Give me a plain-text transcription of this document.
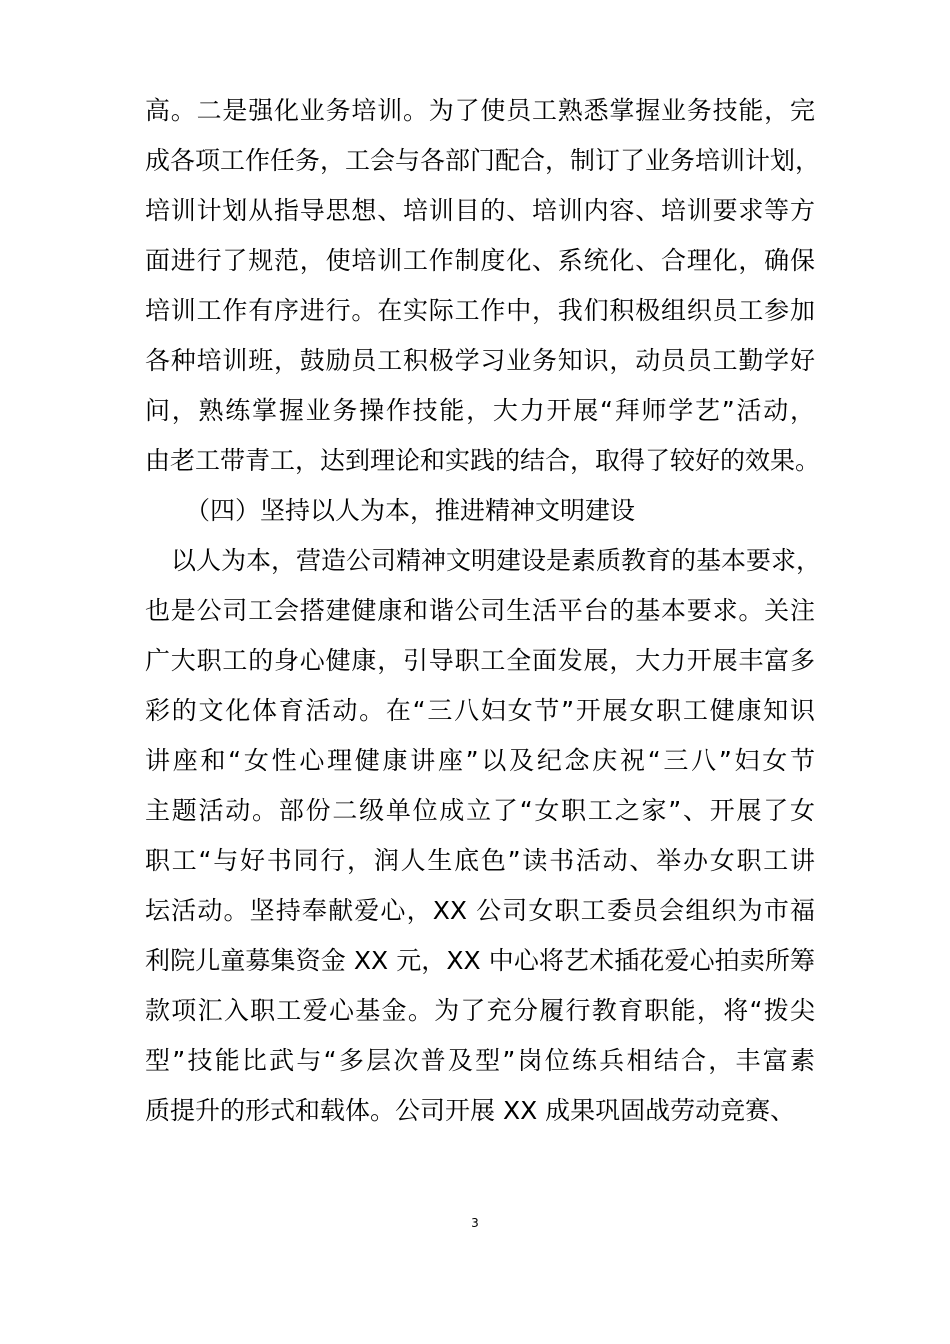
高。二是强化业务培训。为了使员工熟悉掌握业务技能，完
成各项工作任务，工会与各部门配合，制订了业务培训计划，
培训计划从指导思想、培训目的、培训内容、培训要求等方
面进行了规范，使培训工作制度化、系统化、合理化，确保
培训工作有序进行。在实际工作中，我们积极组织员工参加
各种培训班，鼓励员工积极学习业务知识，动员员工勤学好
问，熟练掌握业务操作技能，大力开展“拜师学艺”活动，
由老工带青工，达到理论和实践的结合，取得了较好的效果。
（四）坚持以人为本，推进精神文明建设
以人为本，营造公司精神文明建设是素质教育的基本要求，
也是公司工会搭建健康和谐公司生活平台的基本要求。关注
广大职工的身心健康，引导职工全面发展，大力开展丰富多
彩的文化体育活动。在“三八妇女节”开展女职工健康知识
讲座和“女性心理健康讲座”以及纪念庆祝“三八”妇女节
主题活动。部份二级单位成立了“女职工之家”、开展了女
职工“与好书同行，润人生底色”读书活动、举办女职工讲
坛活动。坚持奉献爱心，XX 公司女职工委员会组织为市福
利院儿童募集资金 XX 元，XX 中心将艺术插花爱心拍卖所筹
款项汇入职工爱心基金。为了充分履行教育职能，将“拨尖
型”技能比武与“多层次普及型”岗位练兵相结合，丰富素
质提升的形式和载体。公司开展 XX 成果巩固战劳动竞赛、
3
